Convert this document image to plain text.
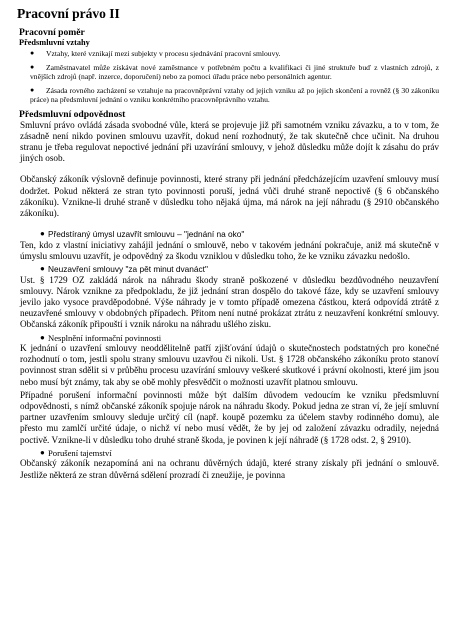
Pracovní právo II
Pracovní poměr
Předsmluvní vztahy
● Vztahy, které vznikají mezi subjekty v procesu sjednávání pracovní smlouvy.
● Zaměstnavatel může získávat nové zaměstnance v potřebném počtu a kvalifikaci či jiné struktuře buď z vlastních zdrojů, z vnějších zdrojů (např. inzerce, doporučení) nebo za pomoci úřadu práce nebo personálních agentur.
● Zásada rovného zacházení se vztahuje na pracovněprávní vztahy od jejich vzniku až po jejich skončení a rovněž (§ 30 zákoníku práce) na předsmluvní jednání o vzniku konkrétního pracovněprávního vztahu.
Předsmluvní odpovědnost

Smluvní právo ovládá zásada svobodné vůle, která se projevuje již při samotném vzniku závazku, a to v tom, že zásadně není nikdo povinen smlouvu uzavřít, dokud není rozhodnutý, že tak skutečně chce učinit. Na druhou stranu je třeba regulovat nepoctivé jednání při uzavírání smlouvy, v jehož důsledku může dojít k zásahu do práv jiných osob.

Občanský zákoník výslovně definuje povinnosti, které strany při jednání předcházejícím uzavření smlouvy musí dodržet. Pokud některá ze stran tyto povinnosti poruší, jedná vůči druhé straně nepoctivě (§ 6 občanského zákoníku). Vznikne-li druhé straně v důsledku toho nějaká újma, má nárok na její náhradu (§ 2910 občanského zákoníku).

● Předstíraný úmysl uzavřít smlouvu – "jednání na oko"

Ten, kdo z vlastní iniciativy zahájil jednání o smlouvě, nebo v takovém jednání pokračuje, aniž má skutečně v úmyslu smlouvu uzavřít, je odpovědný za škodu vzniklou v důsledku toho, že ke vzniku závazku nedošlo.

● Neuzavření smlouvy "za pět minut dvanáct"

Ust. § 1729 OZ zakládá nárok na náhradu škody straně poškozené v důsledku bezdůvodného neuzavření smlouvy. Nárok vznikne za předpokladu, že již jednání stran dospělo do takové fáze, kdy se uzavření smlouvy jevilo jako vysoce pravděpodobné. Výše náhrady je v tomto případě omezena částkou, která odpovídá ztrátě z neuzavřené smlouvy v obdobných případech. Přitom není nutné prokázat ztrátu z neuzavření konkrétní smlouvy. Občanská zákoník připouští i vznik nároku na náhradu ušlého zisku.

● Nesplnění informační povinnosti

K jednání o uzavření smlouvy neoddělitelně patří zjišťování údajů o skutečnostech podstatných pro konečné rozhodnutí o tom, jestli spolu strany smlouvu uzavřou či nikoli. Ust. § 1728 občanského zákoníku proto stanoví povinnost stran sdělit si v průběhu procesu uzavírání smlouvy veškeré skutkové i právní okolnosti, které jim jsou nebo musí být známy, tak aby se obě mohly přesvědčit o možnosti uzavřít platnou smlouvu.

Případné porušení informační povinnosti může být dalším důvodem vedoucím ke vzniku předsmluvní odpovědnosti, s nímž občanské zákoník spojuje nárok na náhradu škody. Pokud jedna ze stran ví, že její smluvní partner uzavřením smlouvy sleduje určitý cíl (např. koupě pozemku za účelem stavby rodinného domu), ale přesto mu zamlčí určité údaje, o nichž ví nebo musí vědět, že by jej od založení závazku odradily, nejedná poctivě. Vznikne-li v důsledku toho druhé straně škoda, je povinen k její náhradě (§ 1728 odst. 2, § 2910).

● Porušení tajemství

Občanský zákoník nezapomíná ani na ochranu důvěrných údajů, které strany získaly při jednání o smlouvě. Jestliže některá ze stran důvěrná sdělení prozradí či zneužije, je povinna
